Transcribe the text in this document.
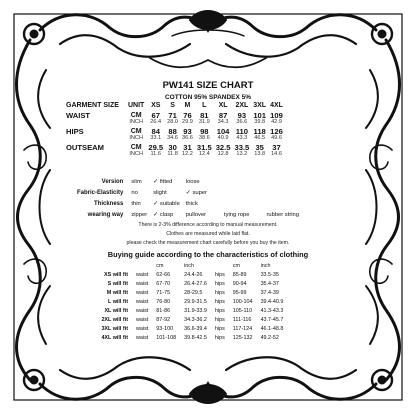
PW141 SIZE CHART
COTTON 95% SPANDEX 5%
GARMENT SIZE	UNIT	XS	S	M	L	XL	2XL	3XL	4XL
WAIST	CM	67	71	76	81	87	93	101	109
	INCH	26.4	28.0	29.9	31.9	34.3	36.6	39.8	42.9
HIPS	CM	84	88	93	98	104	110	118	126
	INCH	33.1	34.6	36.6	38.6	40.9	43.3	46.5	49.6
OUTSEAM	CM	29.5	30	31	31.5	32.5	33.5	35	37
	INCH	11.6	11.8	12.2	12.4	12.8	13.2	13.8	14.6
Version	slim	✓ fitted	loose		
Fabric-Elasticity	no	slight	✓ super		
Thickness	thin	✓ suitable	thick		
wearing way	zipper	✓ clasp	pullover	tying rope	rubber string
There is 2-3% difference according to manual measurement.
Clothes are measured while laid flat.
please check the measurement chart carefully before you buy the item.
Buying guide according to the characteristics of clothing
		cm	inch		cm	inch
XS will fit	waist	62-66	24.4-26	hips	85-89	33.5-35
S will fit	waist	67-70	26.4-27.6	hips	90-94	35.4-37
M will fit	waist	71-75	28-29.5	hips	95-99	37.4-39
L will fit	waist	76-80	29.9-31.5	hips	100-104	39.4-40.9
XL will fit	waist	81-86	31.9-33.9	hips	105-110	41.3-43.3
2XL will fit	waist	87-92	34.3-36.2	hips	111-116	43.7-45.7
3XL will fit	waist	93-100	36.6-39.4	hips	117-124	46.1-48.8
4XL will fit	waist	101-108	39.8-42.5	hips	125-132	49.2-52
